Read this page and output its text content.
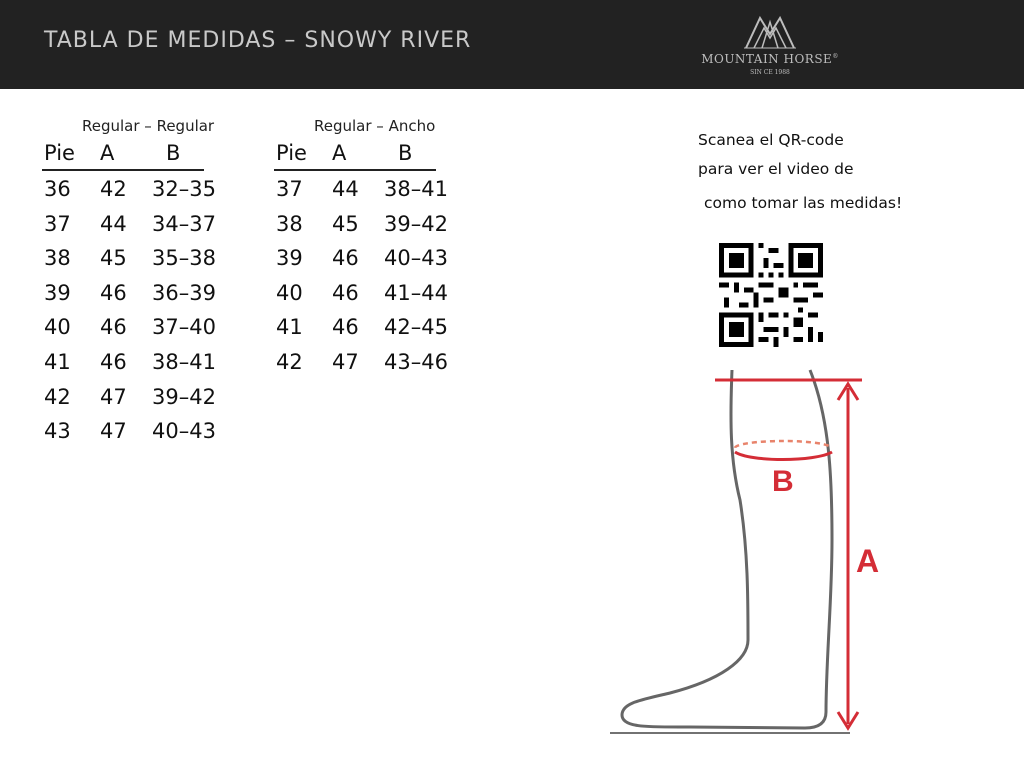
TABLA DE MEDIDAS – SNOWY RIVER
MOUNTAIN HORSE®
SIN CE 1988
Regular – Regular
Pie A B
36 42 32–35
37 44 34–37
38 45 35–38
39 46 36–39
40 46 37–40
41 46 38–41
42 47 39–42
43 47 40–43
Regular – Ancho
Pie A B
37 44 38–41
38 45 39–42
39 46 40–43
40 46 41–44
41 46 42–45
42 47 43–46
Scanea el QR-code
para ver el video de
como tomar las medidas!
B
A
